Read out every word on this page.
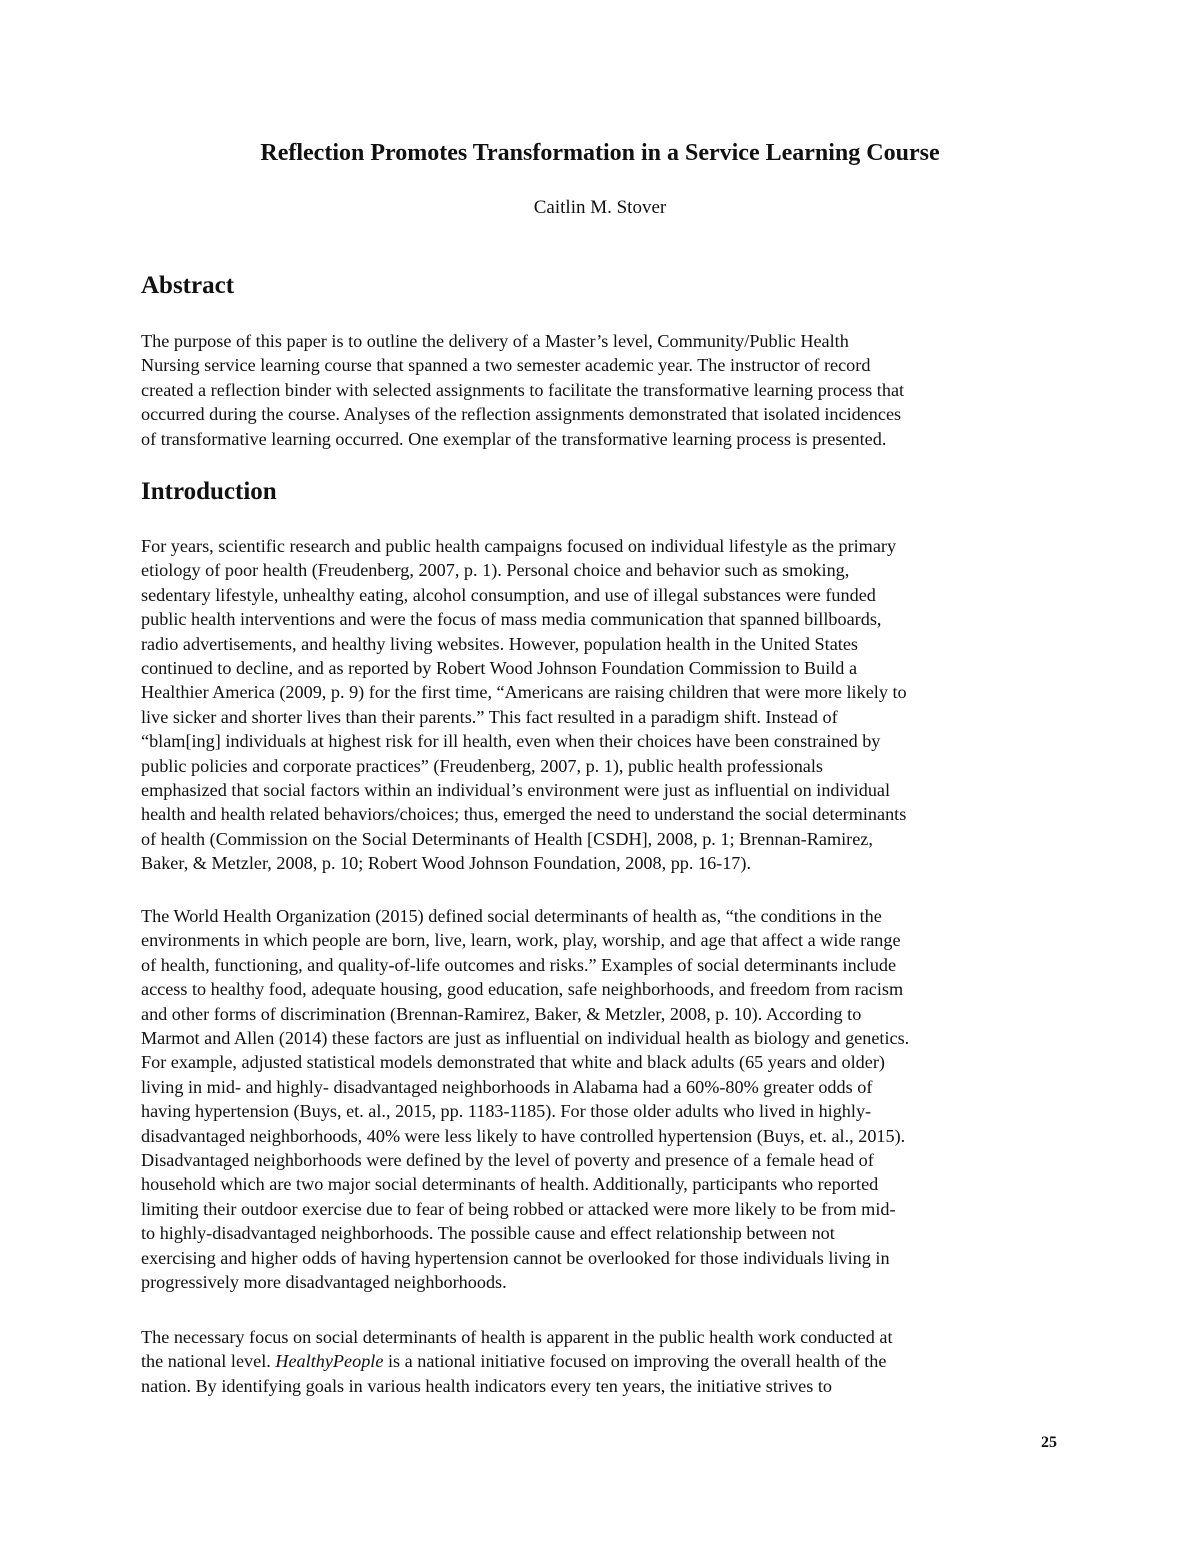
Reflection Promotes Transformation in a Service Learning Course

Caitlin M. Stover

Abstract

The purpose of this paper is to outline the delivery of a Master’s level, Community/Public Health
Nursing service learning course that spanned a two semester academic year. The instructor of record
created a reflection binder with selected assignments to facilitate the transformative learning process that
occurred during the course. Analyses of the reflection assignments demonstrated that isolated incidences
of transformative learning occurred. One exemplar of the transformative learning process is presented.

Introduction

For years, scientific research and public health campaigns focused on individual lifestyle as the primary
etiology of poor health (Freudenberg, 2007, p. 1). Personal choice and behavior such as smoking,
sedentary lifestyle, unhealthy eating, alcohol consumption, and use of illegal substances were funded
public health interventions and were the focus of mass media communication that spanned billboards,
radio advertisements, and healthy living websites. However, population health in the United States
continued to decline, and as reported by Robert Wood Johnson Foundation Commission to Build a
Healthier America (2009, p. 9) for the first time, “Americans are raising children that were more likely to
live sicker and shorter lives than their parents.” This fact resulted in a paradigm shift. Instead of
“blam[ing] individuals at highest risk for ill health, even when their choices have been constrained by
public policies and corporate practices” (Freudenberg, 2007, p. 1), public health professionals
emphasized that social factors within an individual’s environment were just as influential on individual
health and health related behaviors/choices; thus, emerged the need to understand the social determinants
of health (Commission on the Social Determinants of Health [CSDH], 2008, p. 1; Brennan-Ramirez,
Baker, & Metzler, 2008, p. 10; Robert Wood Johnson Foundation, 2008, pp. 16-17).

The World Health Organization (2015) defined social determinants of health as, “the conditions in the
environments in which people are born, live, learn, work, play, worship, and age that affect a wide range
of health, functioning, and quality-of-life outcomes and risks.” Examples of social determinants include
access to healthy food, adequate housing, good education, safe neighborhoods, and freedom from racism
and other forms of discrimination (Brennan-Ramirez, Baker, & Metzler, 2008, p. 10). According to
Marmot and Allen (2014) these factors are just as influential on individual health as biology and genetics.
For example, adjusted statistical models demonstrated that white and black adults (65 years and older)
living in mid- and highly- disadvantaged neighborhoods in Alabama had a 60%-80% greater odds of
having hypertension (Buys, et. al., 2015, pp. 1183-1185). For those older adults who lived in highly-
disadvantaged neighborhoods, 40% were less likely to have controlled hypertension (Buys, et. al., 2015).
Disadvantaged neighborhoods were defined by the level of poverty and presence of a female head of
household which are two major social determinants of health. Additionally, participants who reported
limiting their outdoor exercise due to fear of being robbed or attacked were more likely to be from mid-
to highly-disadvantaged neighborhoods. The possible cause and effect relationship between not
exercising and higher odds of having hypertension cannot be overlooked for those individuals living in
progressively more disadvantaged neighborhoods.

The necessary focus on social determinants of health is apparent in the public health work conducted at
the national level. HealthyPeople is a national initiative focused on improving the overall health of the
nation. By identifying goals in various health indicators every ten years, the initiative strives to

25
